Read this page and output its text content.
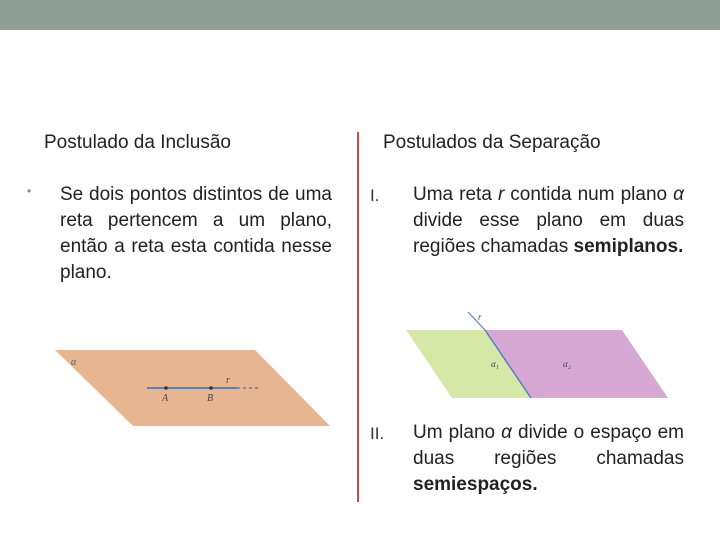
Postulado da Inclusão	Postulados da Separação
• Se dois pontos distintos de uma reta pertencem a um plano, então a reta esta contida nesse plano.
α
r
A	B
I. Uma reta r contida num plano α divide esse plano em duas regiões chamadas semiplanos.
r
α₁	α₂
II. Um plano α divide o espaço em duas regiões chamadas semiespaços.
